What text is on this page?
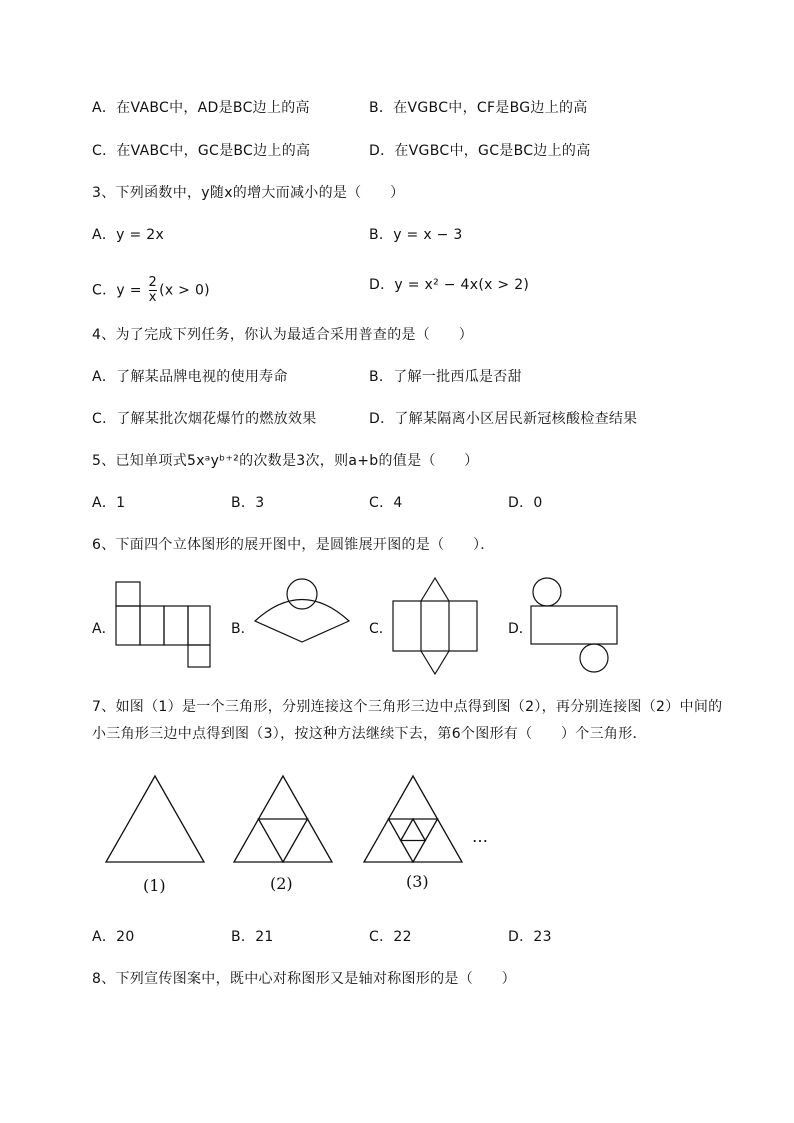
A．在VABC中，AD是BC边上的高	B．在VGBC中，CF是BG边上的高
C．在VABC中，GC是BC边上的高	D．在VGBC中，GC是BC边上的高
3、下列函数中，y随x的增大而减小的是（　　）
A．y = 2x	B．y = x − 3
C．$y = \frac{2}{x} (x > 0)$	D．y = x² − 4x(x > 2)
4、为了完成下列任务，你认为最适合采用普查的是（　　）
A．了解某品牌电视的使用寿命	B．了解一批西瓜是否甜
C．了解某批次烟花爆竹的燃放效果	D．了解某隔离小区居民新冠核酸检查结果
5、已知单项式5xᵃyᵇ⁺²的次数是3次，则a+b的值是（　　）
A．1	B．3	C．4	D．0
6、下面四个立体图形的展开图中，是圆锥展开图的是（　　）．
A．	B．	C．	D．
7、如图（1）是一个三角形，分别连接这个三角形三边中点得到图（2），再分别连接图（2）中间的
小三角形三边中点得到图（3），按这种方法继续下去，第6个图形有（　　）个三角形．
(1)	(2)	(3)
…
A．20	B．21	C．22	D．23
8、下列宣传图案中，既中心对称图形又是轴对称图形的是（　　）
